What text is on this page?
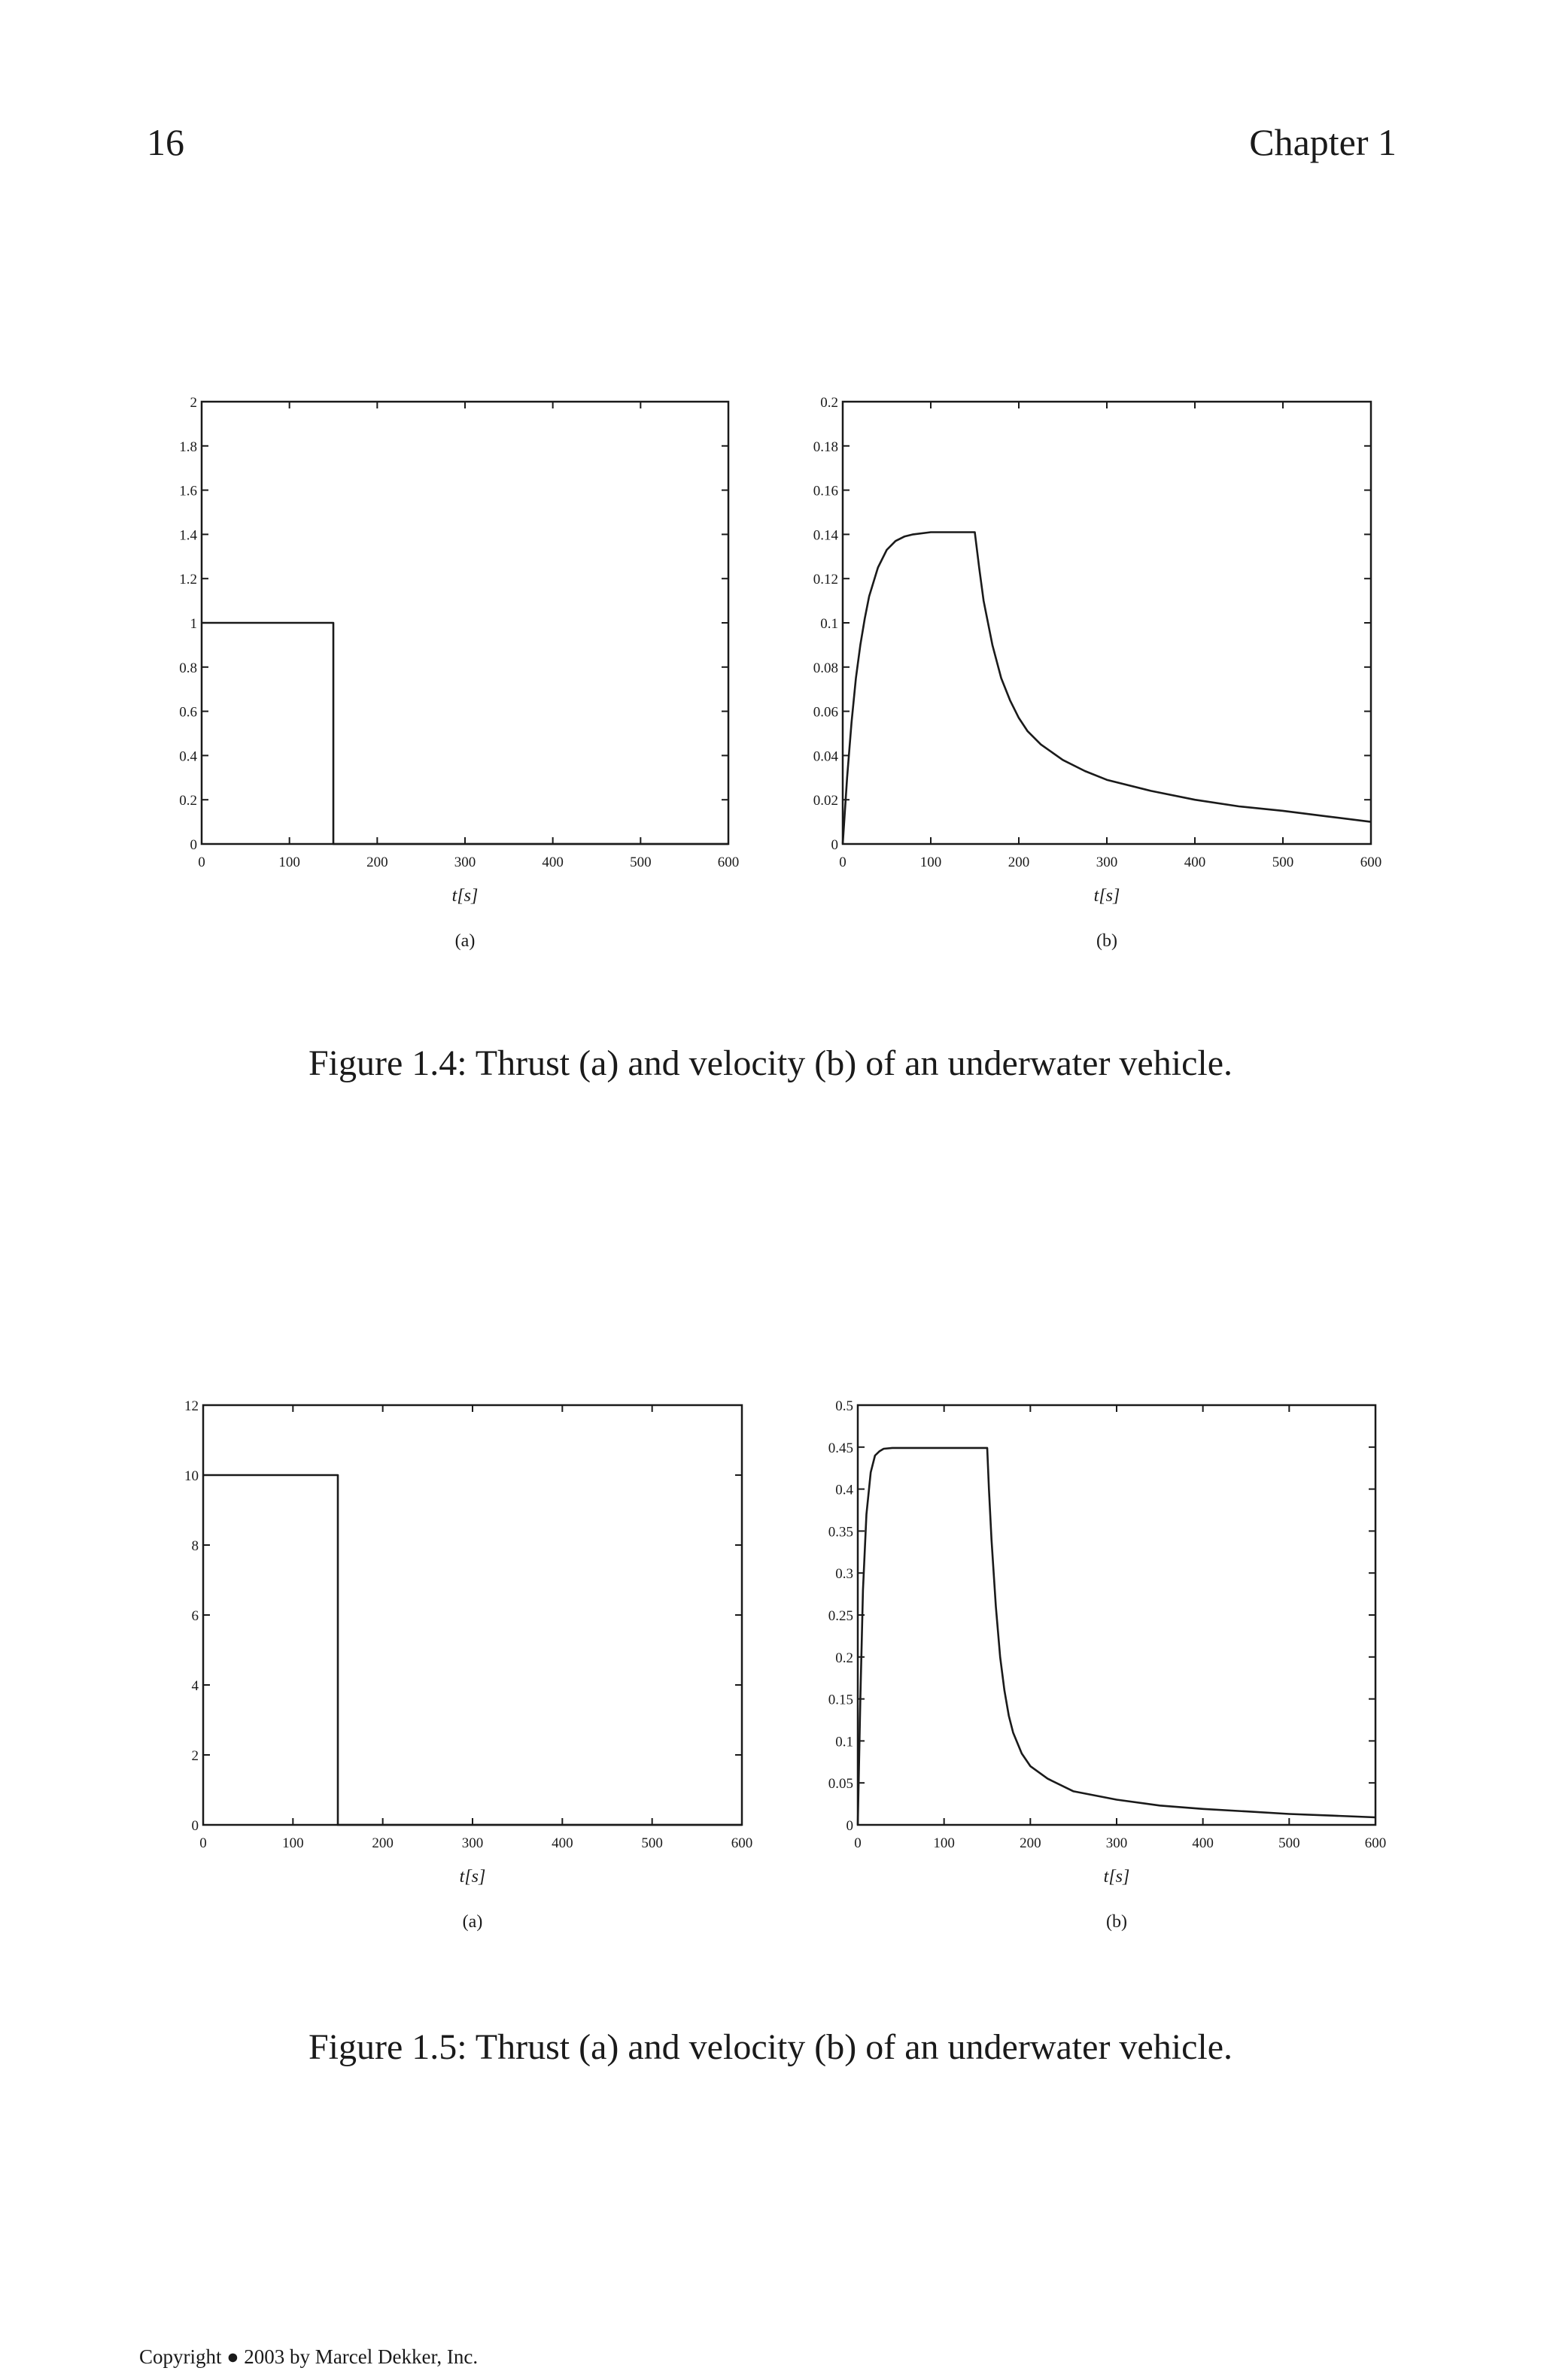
16	Chapter 1
0	100	200	300	400	500	600
0
0.2
0.4
0.6
0.8
1
1.2
1.4
1.6
1.8
2
t[s]
(a)
0	100	200	300	400	500	600
0
0.02
0.04
0.06
0.08
0.1
0.12
0.14
0.16
0.18
0.2
t[s]
(b)
Figure 1.4: Thrust (a) and velocity (b) of an underwater vehicle.
0	100	200	300	400	500	600
0
2
4
6
8
10
12
t[s]
(a)
0	100	200	300	400	500	600
0
0.05
0.1
0.15
0.2
0.25
0.3
0.35
0.4
0.45
0.5
t[s]
(b)
Figure 1.5: Thrust (a) and velocity (b) of an underwater vehicle.
Copyright ● 2003 by Marcel Dekker, Inc.
